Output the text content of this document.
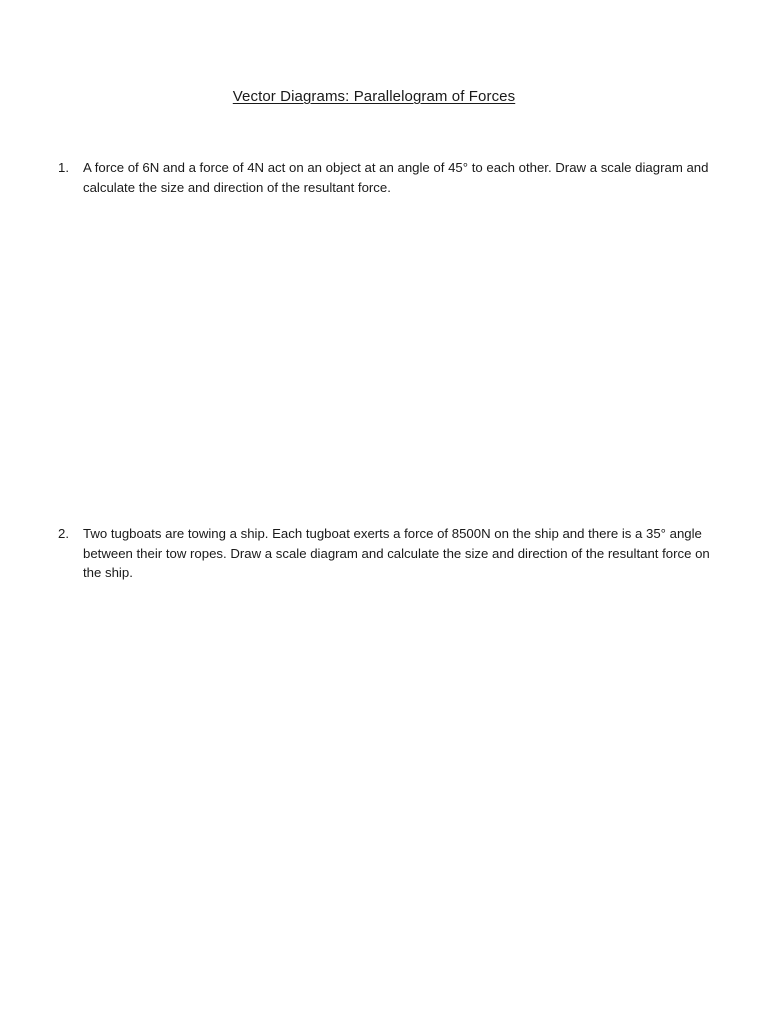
Vector Diagrams: Parallelogram of Forces
1.	A force of 6N and a force of 4N act on an object at an angle of 45° to each other. Draw a scale diagram and calculate the size and direction of the resultant force.
2.	Two tugboats are towing a ship. Each tugboat exerts a force of 8500N on the ship and there is a 35° angle between their tow ropes. Draw a scale diagram and calculate the size and direction of the resultant force on the ship.
